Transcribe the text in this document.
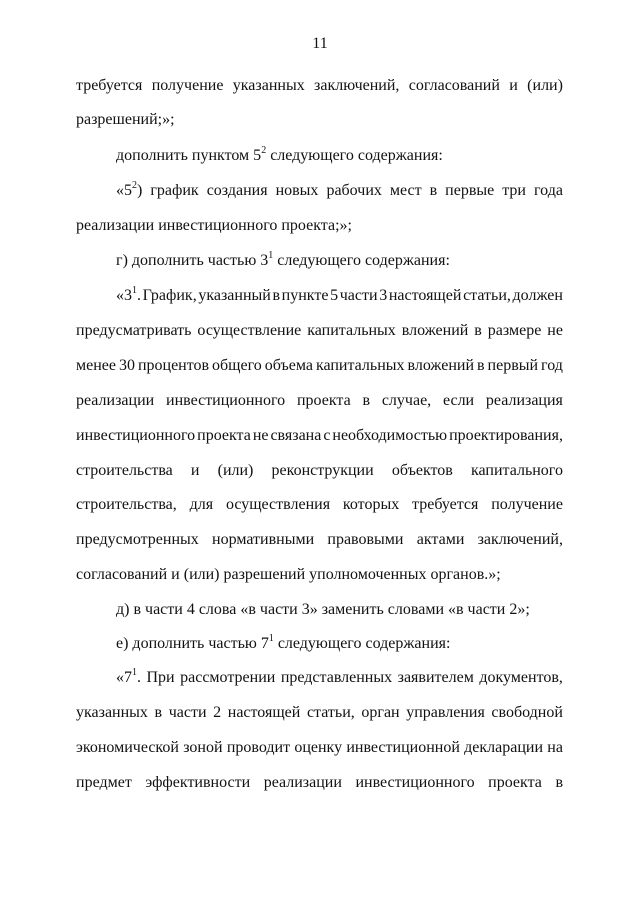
11
требуется получение указанных заключений, согласований и (или)
разрешений;»;
дополнить пунктом $5^2$ следующего содержания:
«$5^2$) график создания новых рабочих мест в первые три года
реализации инвестиционного проекта;»;
г) дополнить частью $3^1$ следующего содержания:
«$3^1$. График, указанный в пункте 5 части 3 настоящей статьи, должен
предусматривать осуществление капитальных вложений в размере не
менее 30 процентов общего объема капитальных вложений в первый год
реализации инвестиционного проекта в случае, если реализация
инвестиционного проекта не связана с необходимостью проектирования,
строительства и (или) реконструкции объектов капитального
строительства, для осуществления которых требуется получение
предусмотренных нормативными правовыми актами заключений,
согласований и (или) разрешений уполномоченных органов.»;
д) в части 4 слова «в части 3» заменить словами «в части 2»;
е) дополнить частью $7^1$ следующего содержания:
«$7^1$. При рассмотрении представленных заявителем документов,
указанных в части 2 настоящей статьи, орган управления свободной
экономической зоной проводит оценку инвестиционной декларации на
предмет эффективности реализации инвестиционного проекта в
